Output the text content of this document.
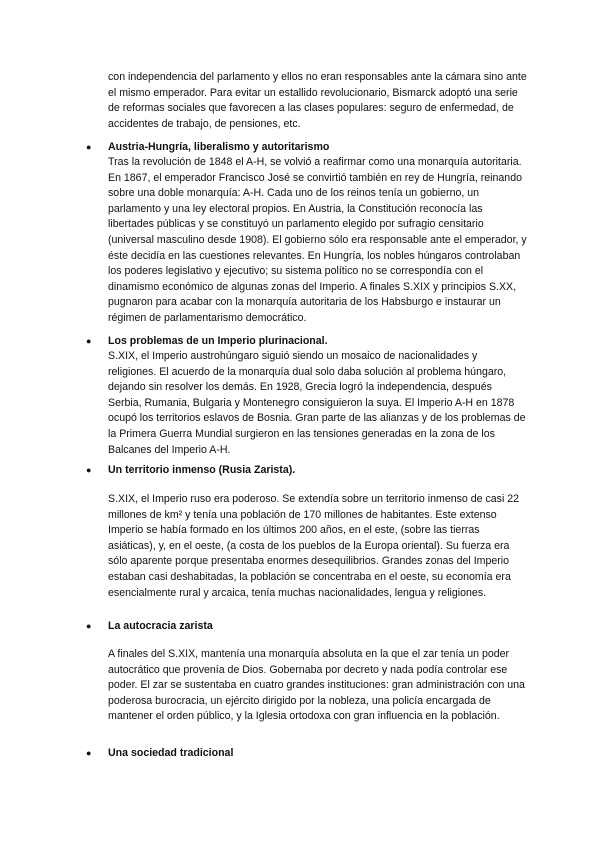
con independencia del parlamento y ellos no eran responsables ante la cámara sino ante el mismo emperador. Para evitar un estallido revolucionario, Bismarck adoptó una serie de reformas sociales que favorecen a las clases populares: seguro de enfermedad, de accidentes de trabajo, de pensiones, etc.

● Austria-Hungría, liberalismo y autoritarismo

Tras la revolución de 1848 el A-H, se volvió a reafirmar como una monarquía autoritaria. En 1867, el emperador Francisco José se convirtió también en rey de Hungría, reinando sobre una doble monarquía: A-H. Cada uno de los reinos tenía un gobierno, un parlamento y una ley electoral propios. En Austria, la Constitución reconocía las libertades públicas y se constituyó un parlamento elegido por sufragio censitario (universal masculino desde 1908). El gobierno sólo era responsable ante el emperador, y éste decidía en las cuestiones relevantes. En Hungría, los nobles húngaros controlaban los poderes legislativo y ejecutivo; su sistema político no se correspondía con el dinamismo económico de algunas zonas del Imperio. A finales S.XIX y principios S.XX, pugnaron para acabar con la monarquía autoritaria de los Habsburgo e instaurar un régimen de parlamentarismo democrático.

● Los problemas de un Imperio plurinacional.

S.XIX, el Imperio austrohúngaro siguió siendo un mosaico de nacionalidades y religiones. El acuerdo de la monarquía dual solo daba solución al problema húngaro, dejando sin resolver los demás. En 1928, Grecia logró la independencia, después Serbia, Rumania, Bulgaria y Montenegro consiguieron la suya. El Imperio A-H en 1878 ocupó los territorios eslavos de Bosnia. Gran parte de las alianzas y de los problemas de la Primera Guerra Mundial surgieron en las tensiones generadas en la zona de los Balcanes del Imperio A-H.

● Un territorio inmenso (Rusia Zarista).

S.XIX, el Imperio ruso era poderoso. Se extendía sobre un territorio inmenso de casi 22 millones de km² y tenía una población de 170 millones de habitantes. Este extenso Imperio se había formado en los últimos 200 años, en el este, (sobre las tierras asiáticas), y, en el oeste, (a costa de los pueblos de la Europa oriental). Su fuerza era sólo aparente porque presentaba enormes desequilibrios. Grandes zonas del Imperio estaban casi deshabitadas, la población se concentraba en el oeste, su economía era esencialmente rural y arcaica, tenía muchas nacionalidades, lengua y religiones.

● La autocracia zarista

A finales del S.XIX, mantenía una monarquía absoluta en la que el zar tenía un poder autocrático que provenía de Dios. Gobernaba por decreto y nada podía controlar ese poder. El zar se sustentaba en cuatro grandes instituciones: gran administración con una poderosa burocracia, un ejército dirigido por la nobleza, una policía encargada de mantener el orden público, y la Iglesia ortodoxa con gran influencia en la población.

● Una sociedad tradicional
